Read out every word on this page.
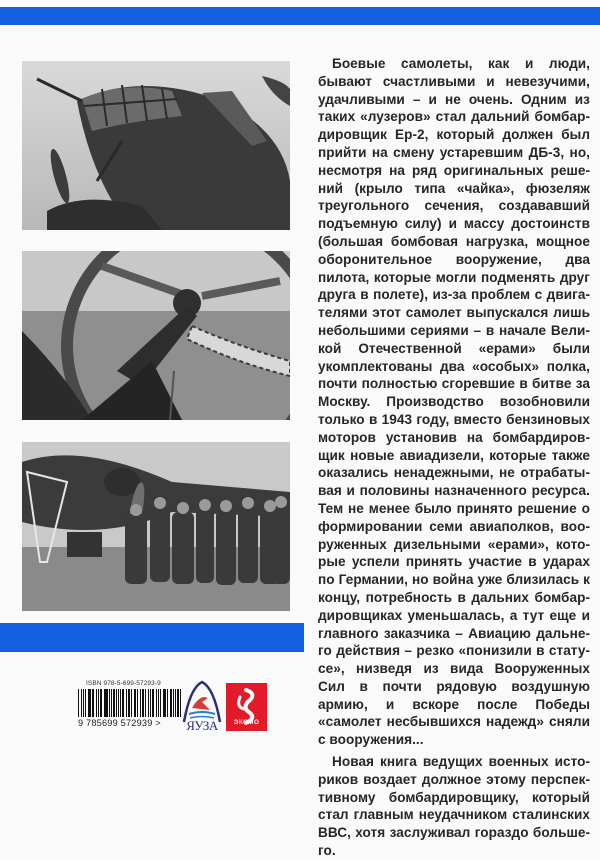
Боевые самолеты, как и люди, бывают счастливыми и невезучими, удачливыми – и не очень. Одним из таких «лузеров» стал дальний бомбардировщик Ер-2, который должен был прийти на смену устаревшим ДБ-3, но, несмотря на ряд оригинальных решений (крыло типа «чайка», фюзеляж треугольного сечения, создававший подъемную силу) и массу достоинств (большая бомбовая нагрузка, мощное оборонительное вооружение, два пилота, которые могли подменять друг друга в полете), из-за проблем с двигателями этот самолет выпускался лишь небольшими сериями – в начале Великой Отечественной «ерами» были укомплектованы два «особых» полка, почти полностью сгоревшие в битве за Москву. Производство возобновили только в 1943 году, вместо бензиновых моторов установив на бомбардировщик новые авиадизели, которые также оказались ненадежными, не отрабатывая и половины назначенного ресурса. Тем не менее было принято решение о формировании семи авиаполков, вооруженных дизельными «ерами», которые успели принять участие в ударах по Германии, но война уже близилась к концу, потребность в дальних бомбардировщиках уменьшалась, а тут еще и главного заказчика – Авиацию дальнего действия – резко «понизили в статусе», низведя из вида Вооруженных Сил в почти рядовую воздушную армию, и вскоре после Победы «самолет несбывшихся надежд» сняли с вооружения...

Новая книга ведущих военных историков воздает должное этому перспективному бомбардировщику, который стал главным неудачником сталинских ВВС, хотя заслуживал гораздо большего.

ISBN 978-5-699-57293-9
9 785699 572939 >	ЯУЗА	ЭКСМО
